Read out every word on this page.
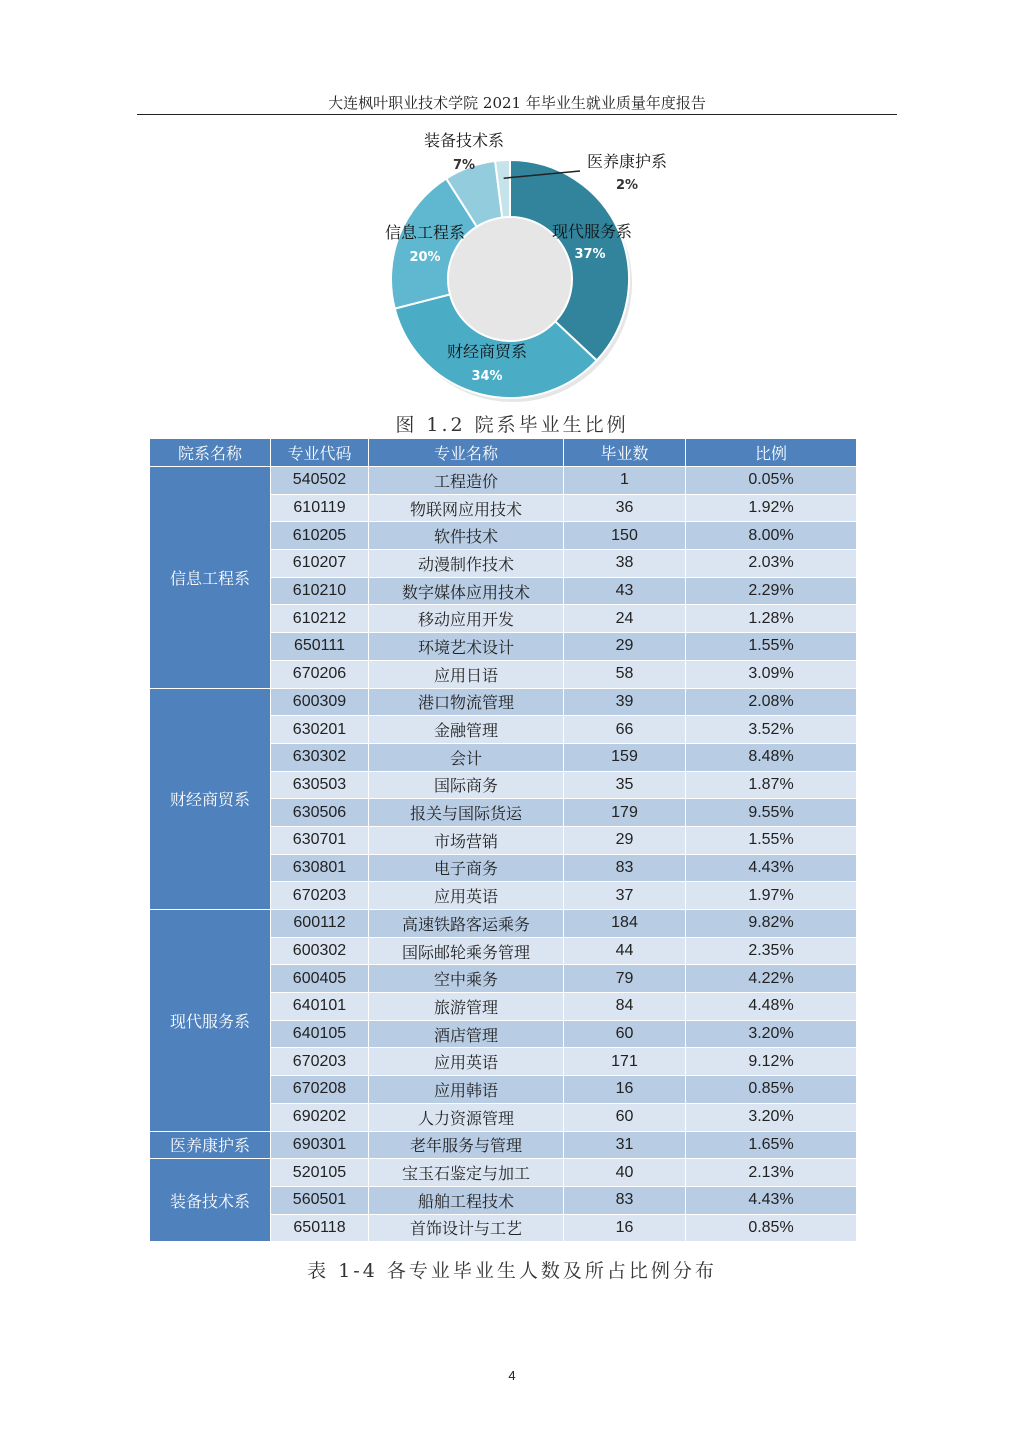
大连枫叶职业技术学院 2021 年毕业生就业质量年度报告
现代服务系
37%
财经商贸系
34%
信息工程系
20%
装备技术系
7%	医养康护系
2%
图 1.2 院系毕业生比例
院系名称	专业代码	专业名称	毕业数	比例
信息工程系	540502	工程造价	1	0.05%
	610119	物联网应用技术	36	1.92%
	610205	软件技术	150	8.00%
	610207	动漫制作技术	38	2.03%
	610210	数字媒体应用技术	43	2.29%
	610212	移动应用开发	24	1.28%
	650111	环境艺术设计	29	1.55%
	670206	应用日语	58	3.09%
财经商贸系	600309	港口物流管理	39	2.08%
	630201	金融管理	66	3.52%
	630302	会计	159	8.48%
	630503	国际商务	35	1.87%
	630506	报关与国际货运	179	9.55%
	630701	市场营销	29	1.55%
	630801	电子商务	83	4.43%
	670203	应用英语	37	1.97%
现代服务系	600112	高速铁路客运乘务	184	9.82%
	600302	国际邮轮乘务管理	44	2.35%
	600405	空中乘务	79	4.22%
	640101	旅游管理	84	4.48%
	640105	酒店管理	60	3.20%
	670203	应用英语	171	9.12%
	670208	应用韩语	16	0.85%
	690202	人力资源管理	60	3.20%
医养康护系	690301	老年服务与管理	31	1.65%
装备技术系	520105	宝玉石鉴定与加工	40	2.13%
	560501	船舶工程技术	83	4.43%
	650118	首饰设计与工艺	16	0.85%
表 1-4 各专业毕业生人数及所占比例分布
4
